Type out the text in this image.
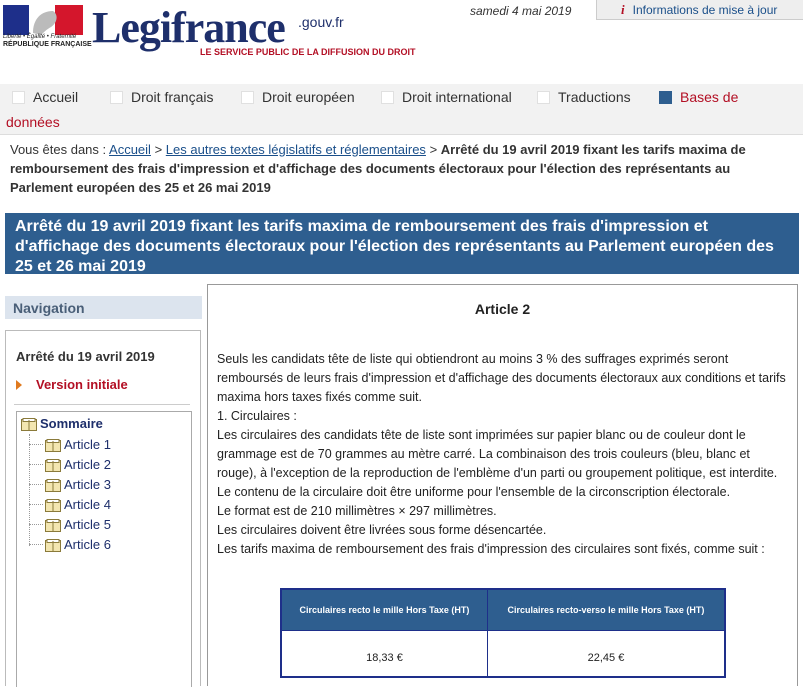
Liberté • Égalité • Fraternité
RÉPUBLIQUE FRANÇAISE Legifrance .gouv.fr
LE SERVICE PUBLIC DE LA DIFFUSION DU DROIT
samedi 4 mai 2019	i Informations de mise à jour
Accueil	Droit français	Droit européen	Droit international	Traductions	Bases de
données
Vous êtes dans : Accueil > Les autres textes législatifs et réglementaires > Arrêté du 19 avril 2019 fixant les tarifs maxima de remboursement des frais d'impression et d'affichage des documents électoraux pour l'élection des représentants au Parlement européen des 25 et 26 mai 2019
Arrêté du 19 avril 2019 fixant les tarifs maxima de remboursement des frais d'impression et d'affichage des documents électoraux pour l'élection des représentants au Parlement européen des 25 et 26 mai 2019
Navigation
Arrêté du 19 avril 2019
Version initiale
Sommaire
Article 1
Article 2
Article 3
Article 4
Article 5
Article 6
Article 2

Seuls les candidats tête de liste qui obtiendront au moins 3 % des suffrages exprimés seront remboursés de leurs frais d'impression et d'affichage des documents électoraux aux conditions et tarifs maxima hors taxes fixés comme suit.

1. Circulaires :

Les circulaires des candidats tête de liste sont imprimées sur papier blanc ou de couleur dont le grammage est de 70 grammes au mètre carré. La combinaison des trois couleurs (bleu, blanc et rouge), à l'exception de la reproduction de l'emblème d'un parti ou groupement politique, est interdite.

Le contenu de la circulaire doit être uniforme pour l'ensemble de la circonscription électorale.

Le format est de 210 millimètres × 297 millimètres.

Les circulaires doivent être livrées sous forme désencartée.

Les tarifs maxima de remboursement des frais d'impression des circulaires sont fixés, comme suit :

Circulaires recto le mille Hors Taxe (HT)	Circulaires recto-verso le mille Hors Taxe (HT)
18,33 €	22,45 €
